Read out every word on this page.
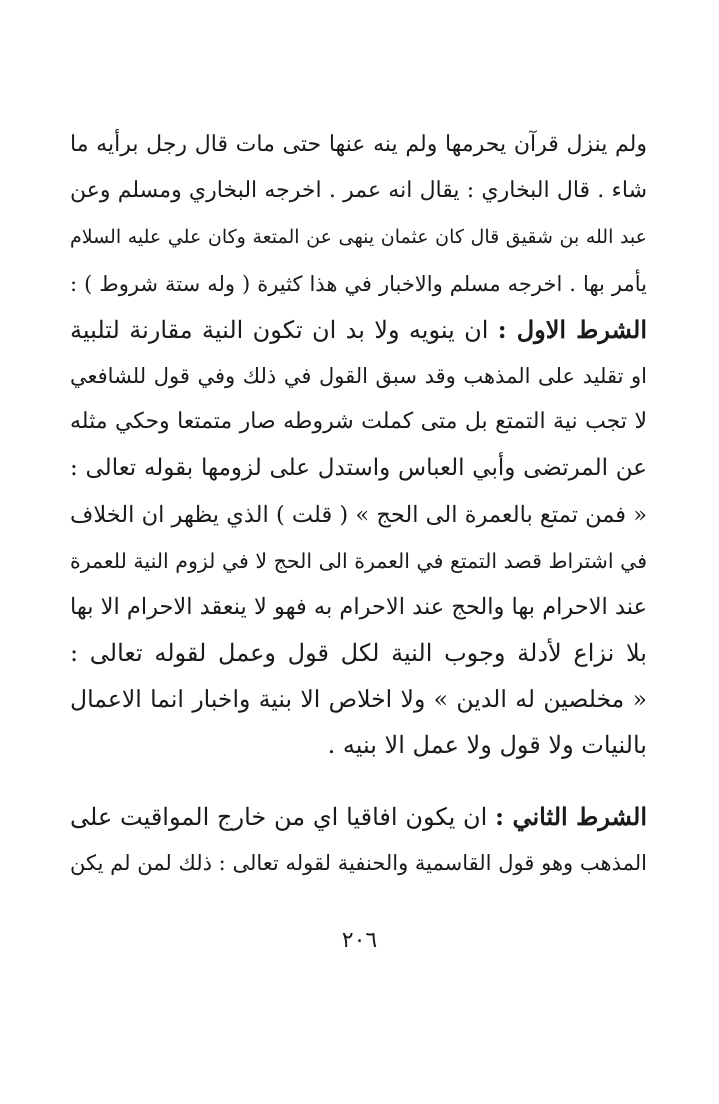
ولم ينزل قرآن يحرمها ولم ينه عنها حتى مات قال رجل برأيه ما
شاء . قال البخاري : يقال انه عمر . اخرجه البخاري ومسلم وعن
عبد الله بن شقيق قال كان عثمان ينهى عن المتعة وكان علي عليه السلام
يأمر بها . اخرجه مسلم والاخبار في هذا كثيرة ( وله ستة شروط ) :
الشرط الاول : ان ينويه ولا بد ان تكون النية مقارنة لتلبية
او تقليد على المذهب وقد سبق القول في ذلك وفي قول للشافعي
لا تجب نية التمتع بل متى كملت شروطه صار متمتعا وحكي مثله
عن المرتضى وأبي العباس واستدل على لزومها بقوله تعالى :
« فمن تمتع بالعمرة الى الحج » ( قلت ) الذي يظهر ان الخلاف
في اشتراط قصد التمتع في العمرة الى الحج لا في لزوم النية للعمرة
عند الاحرام بها والحج عند الاحرام به فهو لا ينعقد الاحرام الا بها
بلا نزاع لأدلة وجوب النية لكل قول وعمل لقوله تعالى :
« مخلصين له الدين » ولا اخلاص الا بنية واخبار انما الاعمال
بالنيات ولا قول ولا عمل الا بنيه .
الشرط الثاني : ان يكون افاقيا اي من خارج المواقيت على
المذهب وهو قول القاسمية والحنفية لقوله تعالى : ذلك لمن لم يكن
٢٠٦
